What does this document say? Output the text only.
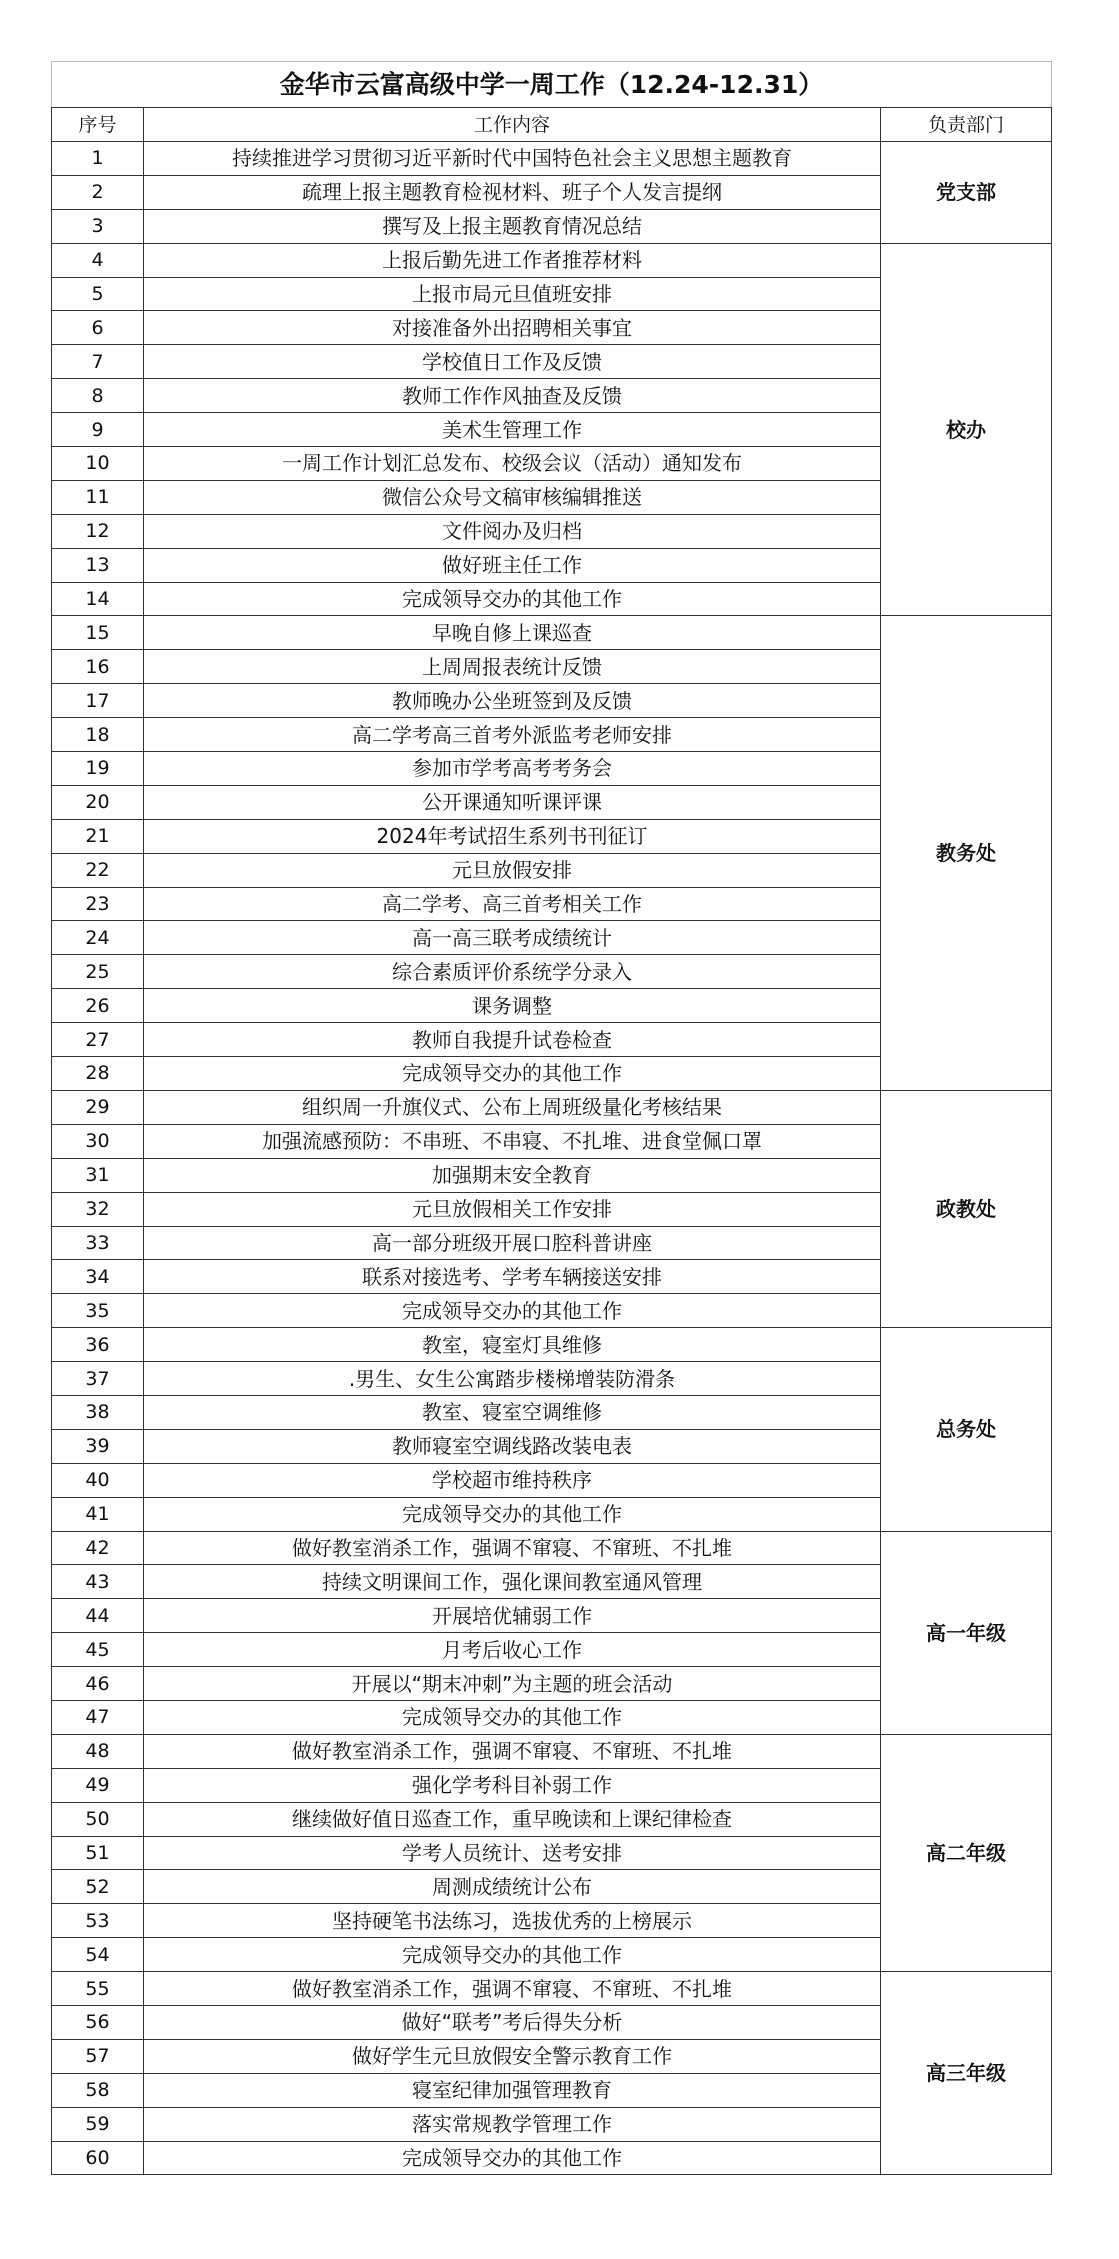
金华市云富高级中学一周工作（12.24-12.31）		
序号	工作内容	负责部门
1	持续推进学习贯彻习近平新时代中国特色社会主义思想主题教育	党支部
2	疏理上报主题教育检视材料、班子个人发言提纲	
3	撰写及上报主题教育情况总结	
4	上报后勤先进工作者推荐材料	校办
5	上报市局元旦值班安排	
6	对接准备外出招聘相关事宜	
7	学校值日工作及反馈	
8	教师工作作风抽查及反馈	
9	美术生管理工作	
10	一周工作计划汇总发布、校级会议（活动）通知发布	
11	微信公众号文稿审核编辑推送	
12	文件阅办及归档	
13	做好班主任工作	
14	完成领导交办的其他工作	
15	早晚自修上课巡查	教务处
16	上周周报表统计反馈	
17	教师晚办公坐班签到及反馈	
18	高二学考高三首考外派监考老师安排	
19	参加市学考高考考务会	
20	公开课通知听课评课	
21	2024年考试招生系列书刊征订	
22	元旦放假安排	
23	高二学考、高三首考相关工作	
24	高一高三联考成绩统计	
25	综合素质评价系统学分录入	
26	课务调整	
27	教师自我提升试卷检查	
28	完成领导交办的其他工作	
29	组织周一升旗仪式、公布上周班级量化考核结果	政教处
30	加强流感预防：不串班、不串寝、不扎堆、进食堂佩口罩	
31	加强期末安全教育	
32	元旦放假相关工作安排	
33	高一部分班级开展口腔科普讲座	
34	联系对接选考、学考车辆接送安排	
35	完成领导交办的其他工作	
36	教室，寝室灯具维修	总务处
37	.男生、女生公寓踏步楼梯增装防滑条	
38	教室、寝室空调维修	
39	教师寝室空调线路改装电表	
40	学校超市维持秩序	
41	完成领导交办的其他工作	
42	做好教室消杀工作，强调不窜寝、不窜班、不扎堆	高一年级
43	持续文明课间工作，强化课间教室通风管理	
44	开展培优辅弱工作	
45	月考后收心工作	
46	开展以“期末冲刺”为主题的班会活动	
47	完成领导交办的其他工作	
48	做好教室消杀工作，强调不窜寝、不窜班、不扎堆	高二年级
49	强化学考科目补弱工作	
50	继续做好值日巡查工作，重早晚读和上课纪律检查	
51	学考人员统计、送考安排	
52	周测成绩统计公布	
53	坚持硬笔书法练习，选拔优秀的上榜展示	
54	完成领导交办的其他工作	
55	做好教室消杀工作，强调不窜寝、不窜班、不扎堆	高三年级
56	做好“联考”考后得失分析	
57	做好学生元旦放假安全警示教育工作	
58	寝室纪律加强管理教育	
59	落实常规教学管理工作	
60	完成领导交办的其他工作	
